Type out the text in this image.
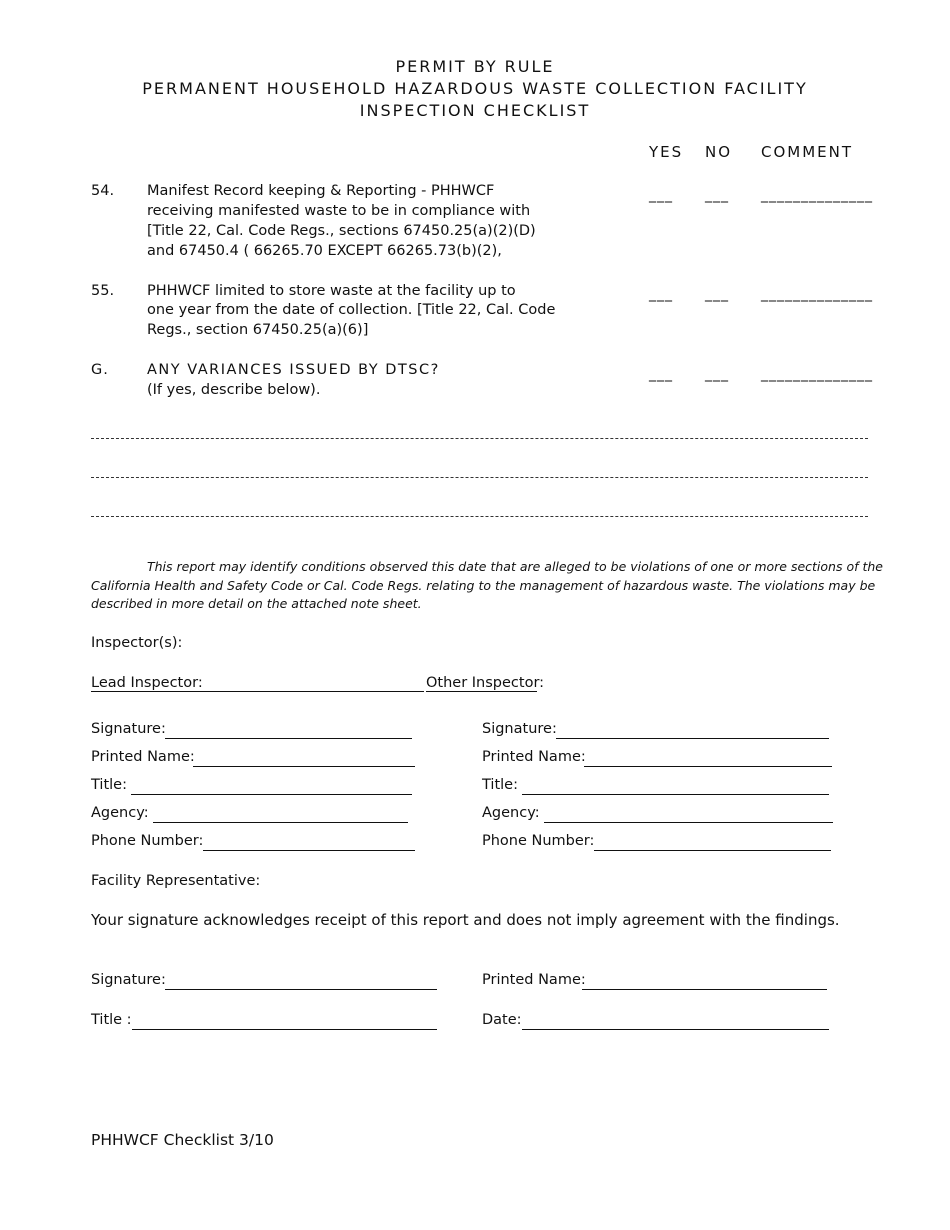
PERMIT BY RULE
PERMANENT HOUSEHOLD HAZARDOUS WASTE COLLECTION FACILITY
INSPECTION CHECKLIST
YES NO COMMENT
54. Manifest Record keeping & Reporting - PHHWCF
receiving manifested waste to be in compliance with
[Title 22, Cal. Code Regs., sections 67450.25(a)(2)(D)
and 67450.4 ( 66265.70 EXCEPT 66265.73(b)(2),
___ ___ ______________
55. PHHWCF limited to store waste at the facility up to
one year from the date of collection. [Title 22, Cal. Code
Regs., section 67450.25(a)(6)]
___ ___ ______________
G.	ANY VARIANCES ISSUED BY DTSC?
(If yes, describe below).
___ ___ ______________
This report may identify conditions observed this date that are alleged to be violations of one or more sections of the California Health and Safety Code or Cal. Code Regs. relating to the management of hazardous waste. The violations may be described in more detail on the attached note sheet.
Inspector(s):
Lead Inspector:	Other Inspector:
Signature:
Printed Name:
Title:
Agency:
Phone Number:
Signature:
Printed Name:
Title:
Agency:
Phone Number:
Facility Representative:
Your signature acknowledges receipt of this report and does not imply agreement with the findings.
Signature:	Printed Name:
Title :	Date:
PHHWCF Checklist 3/10
